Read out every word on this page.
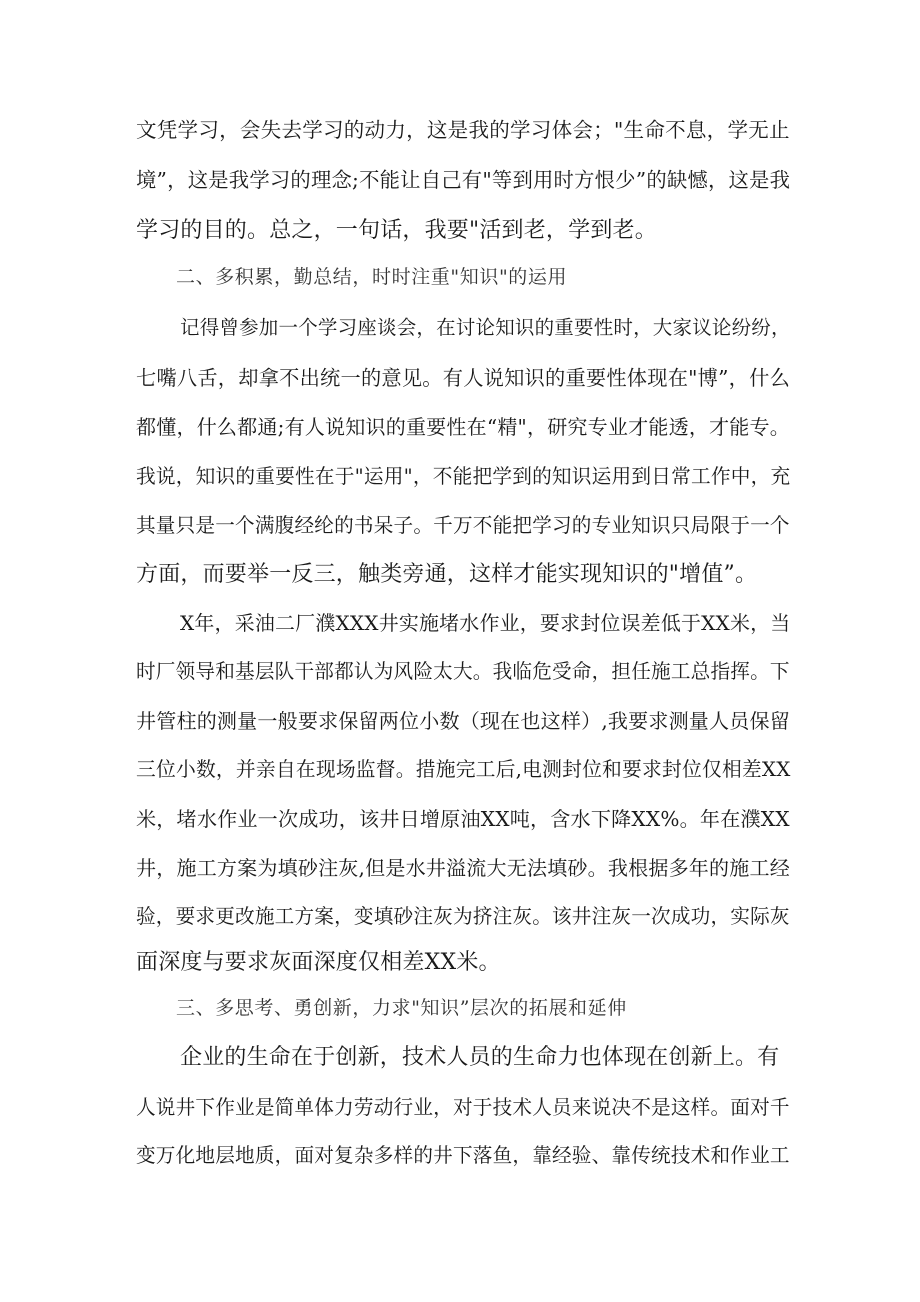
文凭学习，会失去学习的动力，这是我的学习体会；"生命不息，学无止
境”，这是我学习的理念;不能让自己有"等到用时方恨少”的缺憾，这是我
学习的目的。总之，一句话，我要"活到老，学到老。
二、多积累，勤总结，时时注重"知识"的运用
记得曾参加一个学习座谈会，在讨论知识的重要性时，大家议论纷纷，
七嘴八舌，却拿不出统一的意见。有人说知识的重要性体现在"博”，什么
都懂，什么都通;有人说知识的重要性在“精"，研究专业才能透，才能专。
我说，知识的重要性在于"运用"，不能把学到的知识运用到日常工作中，充
其量只是一个满腹经纶的书呆子。千万不能把学习的专业知识只局限于一个
方面，而要举一反三，触类旁通，这样才能实现知识的"增值”。
X年，采油二厂濮XXX井实施堵水作业，要求封位误差低于XX米，当
时厂领导和基层队干部都认为风险太大。我临危受命，担任施工总指挥。下
井管柱的测量一般要求保留两位小数（现在也这样）,我要求测量人员保留
三位小数，并亲自在现场监督。措施完工后,电测封位和要求封位仅相差XX
米，堵水作业一次成功，该井日增原油XX吨，含水下降XX%。年在濮XX
井，施工方案为填砂注灰,但是水井溢流大无法填砂。我根据多年的施工经
验，要求更改施工方案，变填砂注灰为挤注灰。该井注灰一次成功，实际灰
面深度与要求灰面深度仅相差XX米。
三、多思考、勇创新，力求"知识”层次的拓展和延伸
企业的生命在于创新，技术人员的生命力也体现在创新上。有
人说井下作业是简单体力劳动行业，对于技术人员来说决不是这样。面对千
变万化地层地质，面对复杂多样的井下落鱼，靠经验、靠传统技术和作业工
